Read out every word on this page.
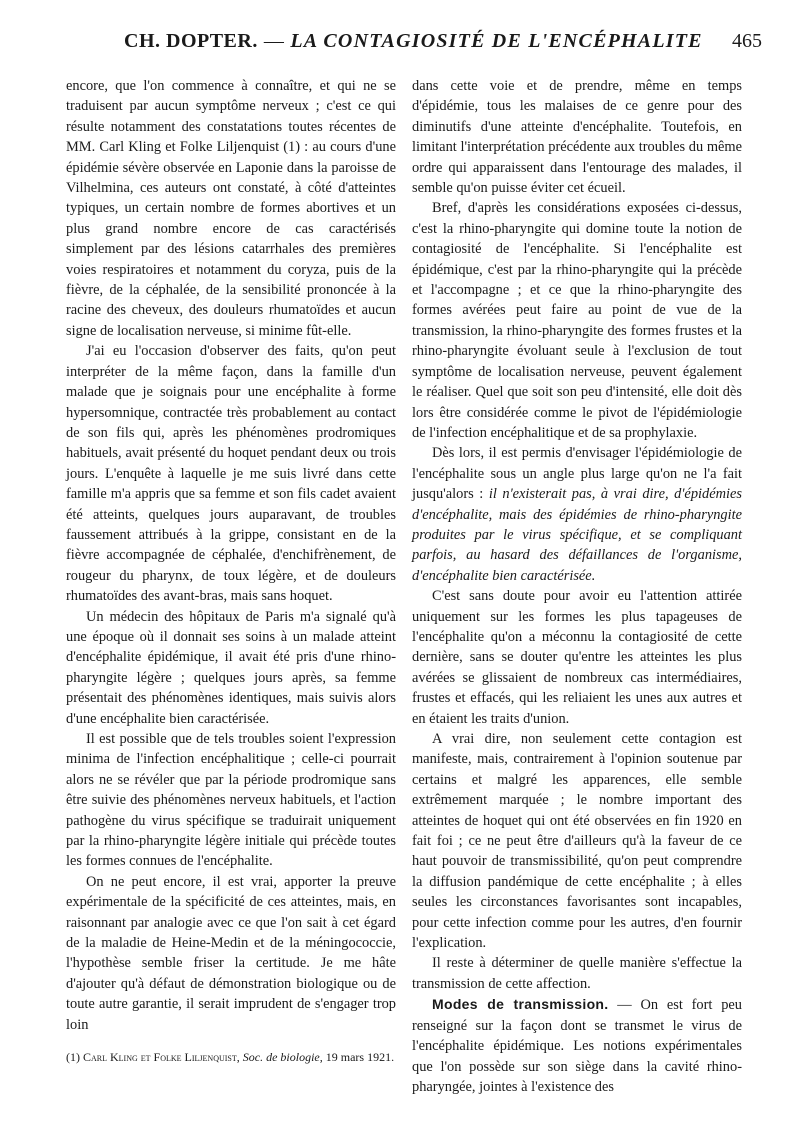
CH. DOPTER. — LA CONTAGIOSITÉ DE L'ENCÉPHALITE 465

encore, que l'on commence à connaître, et qui ne se traduisent par aucun symptôme nerveux ; c'est ce qui résulte notamment des constatations toutes récentes de MM. Carl Kling et Folke Liljenquist (1) : au cours d'une épidémie sévère observée en Laponie dans la paroisse de Vilhelmina, ces auteurs ont constaté, à côté d'atteintes typiques, un certain nombre de formes abortives et un plus grand nombre encore de cas caractérisés simplement par des lésions catarrhales des premières voies respiratoires et notamment du coryza, puis de la fièvre, de la céphalée, de la sensibilité prononcée à la racine des cheveux, des douleurs rhumatoïdes et aucun signe de localisation nerveuse, si minime fût-elle.

J'ai eu l'occasion d'observer des faits, qu'on peut interpréter de la même façon, dans la famille d'un malade que je soignais pour une encéphalite à forme hypersomnique, contractée très probablement au contact de son fils qui, après les phénomènes prodromiques habituels, avait présenté du hoquet pendant deux ou trois jours. L'enquête à laquelle je me suis livré dans cette famille m'a appris que sa femme et son fils cadet avaient été atteints, quelques jours auparavant, de troubles faussement attribués à la grippe, consistant en de la fièvre accompagnée de céphalée, d'enchifrènement, de rougeur du pharynx, de toux légère, et de douleurs rhumatoïdes des avant-bras, mais sans hoquet.

Un médecin des hôpitaux de Paris m'a signalé qu'à une époque où il donnait ses soins à un malade atteint d'encéphalite épidémique, il avait été pris d'une rhino-pharyngite légère ; quelques jours après, sa femme présentait des phénomènes identiques, mais suivis alors d'une encéphalite bien caractérisée.

Il est possible que de tels troubles soient l'expression minima de l'infection encéphalitique ; celle-ci pourrait alors ne se révéler que par la période prodromique sans être suivie des phénomènes nerveux habituels, et l'action pathogène du virus spécifique se traduirait uniquement par la rhino-pharyngite légère initiale qui précède toutes les formes connues de l'encéphalite.

On ne peut encore, il est vrai, apporter la preuve expérimentale de la spécificité de ces atteintes, mais, en raisonnant par analogie avec ce que l'on sait à cet égard de la maladie de Heine-Medin et de la méningococcie, l'hypothèse semble friser la certitude. Je me hâte d'ajouter qu'à défaut de démonstration biologique ou de toute autre garantie, il serait imprudent de s'engager trop loin

(1) Carl Kling et Folke Liljenquist, Soc. de biologie, 19 mars 1921.

dans cette voie et de prendre, même en temps d'épidémie, tous les malaises de ce genre pour des diminutifs d'une atteinte d'encéphalite. Toutefois, en limitant l'interprétation précédente aux troubles du même ordre qui apparaissent dans l'entourage des malades, il semble qu'on puisse éviter cet écueil.

Bref, d'après les considérations exposées ci-dessus, c'est la rhino-pharyngite qui domine toute la notion de contagiosité de l'encéphalite. Si l'encéphalite est épidémique, c'est par la rhino-pharyngite qui la précède et l'accompagne ; et ce que la rhino-pharyngite des formes avérées peut faire au point de vue de la transmission, la rhino-pharyngite des formes frustes et la rhino-pharyngite évoluant seule à l'exclusion de tout symptôme de localisation nerveuse, peuvent également le réaliser. Quel que soit son peu d'intensité, elle doit dès lors être considérée comme le pivot de l'épidémiologie de l'infection encéphalitique et de sa prophylaxie.

Dès lors, il est permis d'envisager l'épidémiologie de l'encéphalite sous un angle plus large qu'on ne l'a fait jusqu'alors : il n'existerait pas, à vrai dire, d'épidémies d'encéphalite, mais des épidémies de rhino-pharyngite produites par le virus spécifique, et se compliquant parfois, au hasard des défaillances de l'organisme, d'encéphalite bien caractérisée.

C'est sans doute pour avoir eu l'attention attirée uniquement sur les formes les plus tapageuses de l'encéphalite qu'on a méconnu la contagiosité de cette dernière, sans se douter qu'entre les atteintes les plus avérées se glissaient de nombreux cas intermédiaires, frustes et effacés, qui les reliaient les unes aux autres et en étaient les traits d'union.

A vrai dire, non seulement cette contagion est manifeste, mais, contrairement à l'opinion soutenue par certains et malgré les apparences, elle semble extrêmement marquée ; le nombre important des atteintes de hoquet qui ont été observées en fin 1920 en fait foi ; ce ne peut être d'ailleurs qu'à la faveur de ce haut pouvoir de transmissibilité, qu'on peut comprendre la diffusion pandémique de cette encéphalite ; à elles seules les circonstances favorisantes sont incapables, pour cette infection comme pour les autres, d'en fournir l'explication.

Il reste à déterminer de quelle manière s'effectue la transmission de cette affection.

Modes de transmission. — On est fort peu renseigné sur la façon dont se transmet le virus de l'encéphalite épidémique. Les notions expérimentales que l'on possède sur son siège dans la cavité rhino-pharyngée, jointes à l'existence des
